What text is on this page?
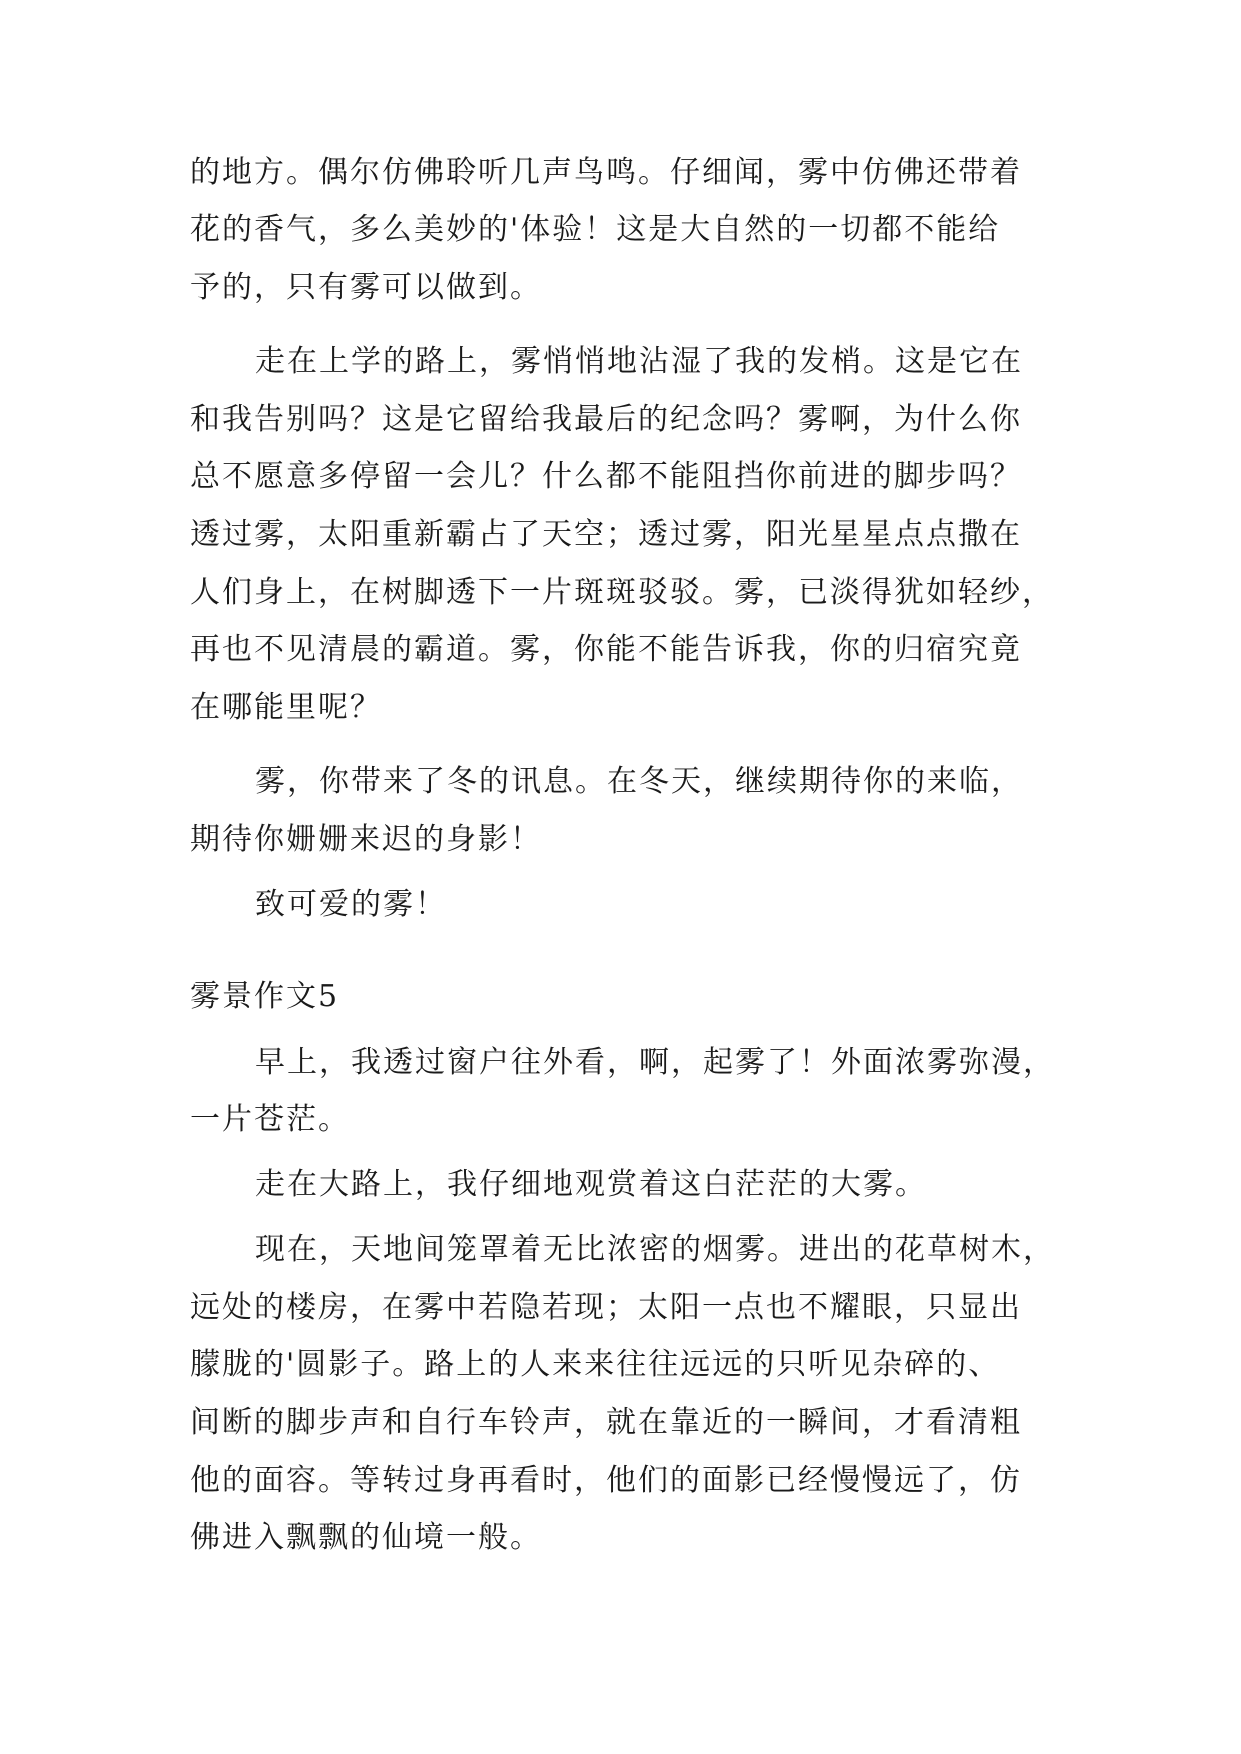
的地方。偶尔仿佛聆听几声鸟鸣。仔细闻，雾中仿佛还带着
花的香气，多么美妙的'体验！这是大自然的一切都不能给
予的，只有雾可以做到。
走在上学的路上，雾悄悄地沾湿了我的发梢。这是它在
和我告别吗？这是它留给我最后的纪念吗？雾啊，为什么你
总不愿意多停留一会儿？什么都不能阻挡你前进的脚步吗？
透过雾，太阳重新霸占了天空；透过雾，阳光星星点点撒在
人们身上，在树脚透下一片斑斑驳驳。雾，已淡得犹如轻纱，
再也不见清晨的霸道。雾，你能不能告诉我，你的归宿究竟
在哪能里呢？
雾，你带来了冬的讯息。在冬天，继续期待你的来临，
期待你姗姗来迟的身影！
致可爱的雾！
雾景作文5
早上，我透过窗户往外看，啊，起雾了！外面浓雾弥漫，
一片苍茫。
走在大路上，我仔细地观赏着这白茫茫的大雾。
现在，天地间笼罩着无比浓密的烟雾。进出的花草树木，
远处的楼房，在雾中若隐若现；太阳一点也不耀眼，只显出
朦胧的'圆影子。路上的人来来往往远远的只听见杂碎的、
间断的脚步声和自行车铃声，就在靠近的一瞬间，才看清粗
他的面容。等转过身再看时，他们的面影已经慢慢远了，仿
佛进入飘飘的仙境一般。
